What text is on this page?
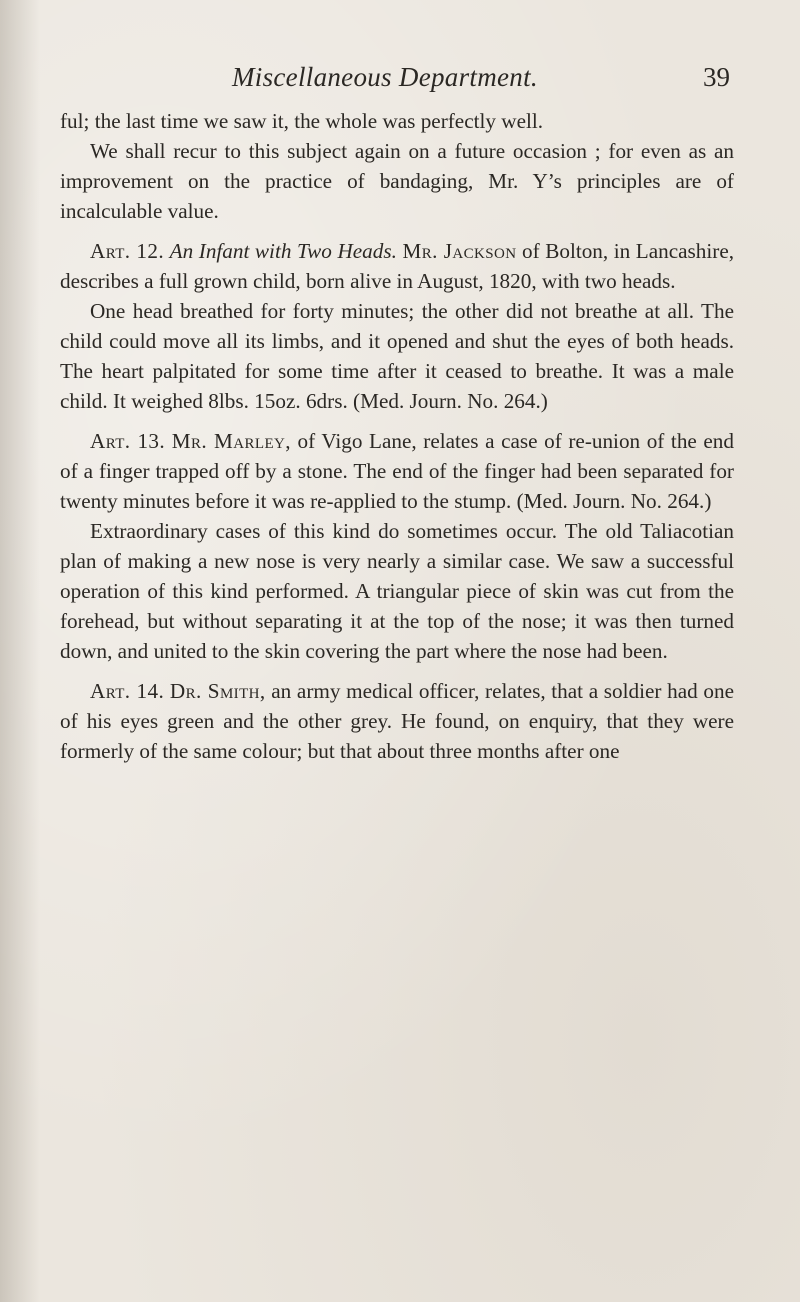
Miscellaneous Department.	39

ful; the last time we saw it, the whole was perfectly well.

We shall recur to this subject again on a future occasion ; for even as an improvement on the practice of bandaging, Mr. Y’s principles are of incalculable value.

Art. 12. An Infant with Two Heads. Mr. Jackson of Bolton, in Lancashire, describes a full grown child, born alive in August, 1820, with two heads.

One head breathed for forty minutes; the other did not breathe at all. The child could move all its limbs, and it opened and shut the eyes of both heads. The heart palpitated for some time after it ceased to breathe. It was a male child. It weighed 8lbs. 15oz. 6drs. (Med. Journ. No. 264.)

Art. 13. Mr. Marley, of Vigo Lane, relates a case of re-union of the end of a finger trapped off by a stone. The end of the finger had been separated for twenty minutes before it was re-applied to the stump. (Med. Journ. No. 264.)

Extraordinary cases of this kind do sometimes occur. The old Taliacotian plan of making a new nose is very nearly a similar case. We saw a successful operation of this kind performed. A triangular piece of skin was cut from the forehead, but without separating it at the top of the nose; it was then turned down, and united to the skin covering the part where the nose had been.

Art. 14. Dr. Smith, an army medical officer, relates, that a soldier had one of his eyes green and the other grey. He found, on enquiry, that they were formerly of the same colour; but that about three months after one
